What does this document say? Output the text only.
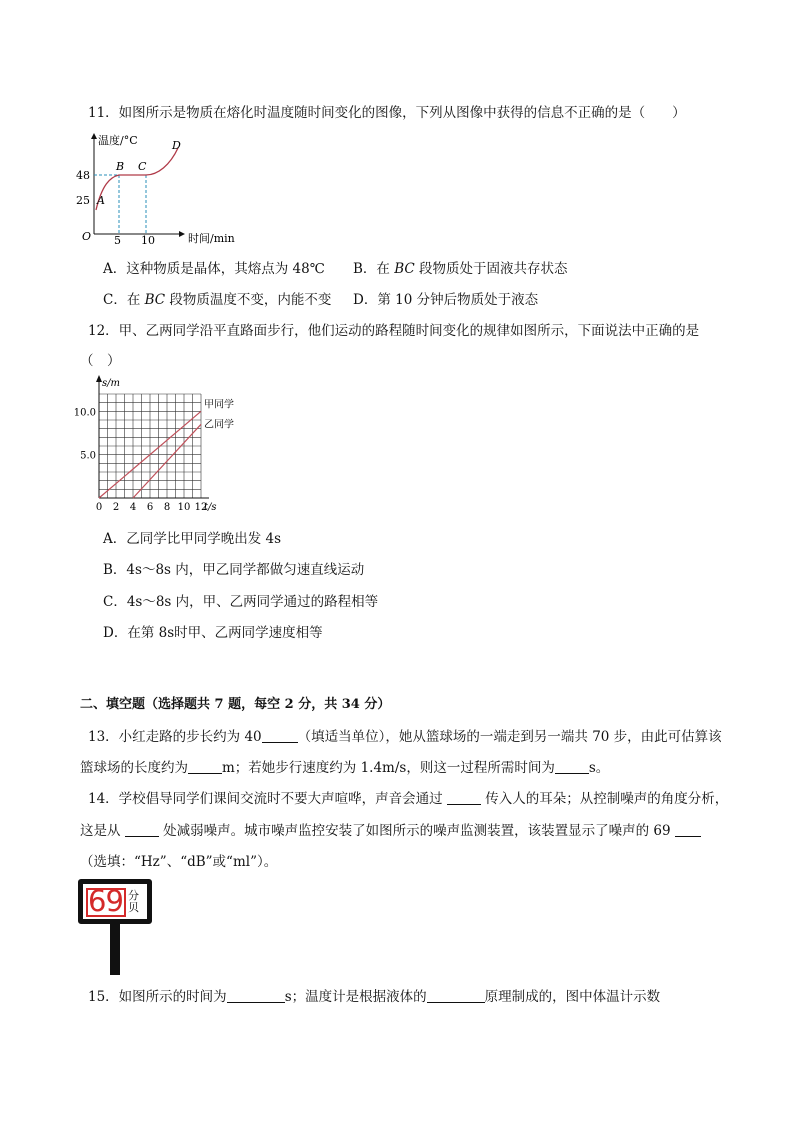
11．如图所示是物质在熔化时温度随时间变化的图像，下列从图像中获得的信息不正确的是（　　）
温度/°C
时间/min
O
48
25
5 10
A
B C
D
A．这种物质是晶体，其熔点为 48℃ B．在 BC 段物质处于固液共存状态
C．在 BC 段物质温度不变，内能不变 D．第 10 分钟后物质处于液态
12．甲、乙两同学沿平直路面步行，他们运动的路程随时间变化的规律如图所示，下面说法中正确的是
（　）
s/m
t/s
0 2 4 6 8 10 12
5.0
10.0
甲同学
乙同学
A．乙同学比甲同学晚出发 4s
B．4s～8s 内，甲乙同学都做匀速直线运动
C．4s～8s 内，甲、乙两同学通过的路程相等
D．在第 8s时甲、乙两同学速度相等
二、填空题（选择题共 7 题，每空 2 分，共 34 分）
13．小红走路的步长约为 40	（填适当单位），她从篮球场的一端走到另一端共 70 步，由此可估算该
篮球场的长度约为	m；若她步行速度约为 1.4m/s，则这一过程所需时间为	s。
14．学校倡导同学们课间交流时不要大声喧哗，声音会通过	传入人的耳朵；从控制噪声的角度分析，
这是从	处减弱噪声。城市噪声监控安装了如图所示的噪声监测装置，该装置显示了噪声的 69
（选填：“Hz”、“dB”或“ml”）。
69 分贝
15．如图所示的时间为	s；温度计是根据液体的	原理制成的，图中体温计示数
